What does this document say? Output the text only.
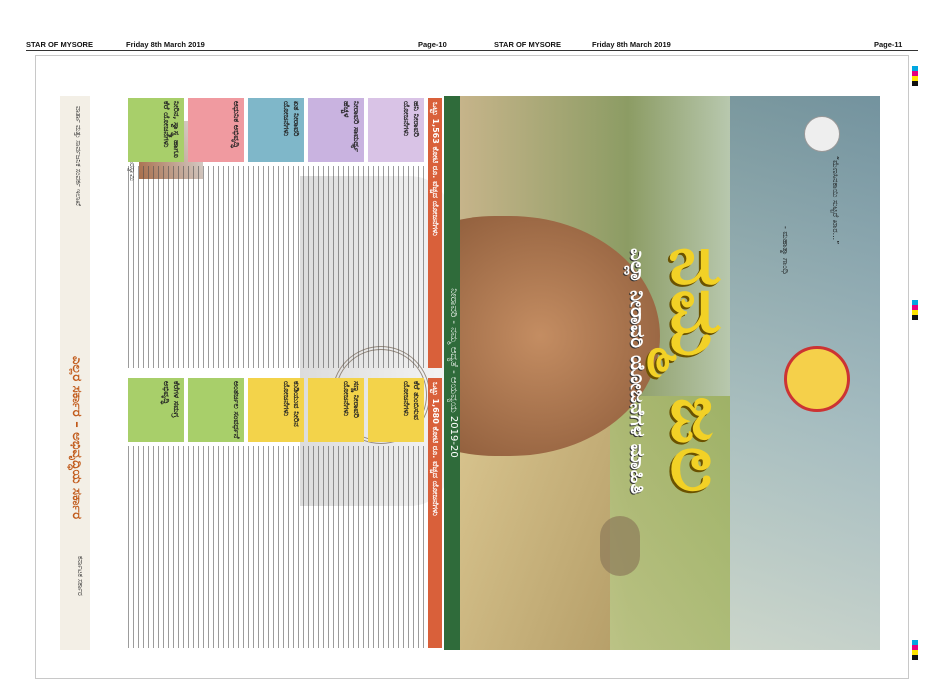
STAR OF MYSORE	Friday 8th March 2019	Page-10	STAR OF MYSORE	Friday 8th March 2019	Page-11
“ಮೆಣಸಿನಕಾಯಿ ಸುಟ್ಟರೆ ಖಾರ...”
- ಮಹಾತ್ಮಾ ಗಾಂಧಿ
ನಮ್ಮ ಜಲ
ಎಲ್ಲಾ ನೀರಾವರಿ ಯೋಜನೆಗಳ ಮಾಹಿತಿ
ನೀರಾವರಿ - ನಮ್ಮ ಆದ್ಯತೆ - ಆಯವ್ಯಯ 2019-20
ಒಟ್ಟು 1,563 ಕೋಟಿ ರೂ. ವೆಚ್ಚದ ಯೋಜನೆಗಳು
ಹನಿ ನೀರಾವರಿ ಯೋಜನೆಗಳು
ನೀರಾವರಿ ಸಾಮರ್ಥ್ಯ ಹೆಚ್ಚಳ
ಏತ ನೀರಾವರಿ ಯೋಜನೆಗಳು
ಆಧುನಿಕ ಅಭಿವೃದ್ಧಿ
ನೀರಿನ, ಸ್ವಾಸ್ಥ್ಯ ಹಾಗೂ ಕೆರೆ ಯೋಜನೆಗಳು
ಒಟ್ಟು 1,680 ಕೋಟಿ ರೂ. ವೆಚ್ಚದ ಯೋಜನೆಗಳು
ಕೆರೆ ತುಂಬಿಸುವ ಯೋಜನೆಗಳು
ಸಣ್ಣ ನೀರಾವರಿ ಯೋಜನೆಗಳು
ಕುಡಿಯುವ ನೀರಿನ ಯೋಜನೆಗಳು
ಅಂತರ್ಜಲ ಸಂವರ್ಧನೆ
ಕೆರೆಗಳ ಸಮಗ್ರ ಅಭಿವೃದ್ಧಿ
ವಾರ್ತಾ ಮತ್ತು ಸಾರ್ವಜನಿಕ ಸಂಪರ್ಕ ಇಲಾಖೆ
ಎಲ್ಲರ ಸರ್ಕಾರ – ಅಭಿವೃದ್ಧಿಯ ಸರ್ಕಾರ
ಕರ್ನಾಟಕ ಸರ್ಕಾರ
